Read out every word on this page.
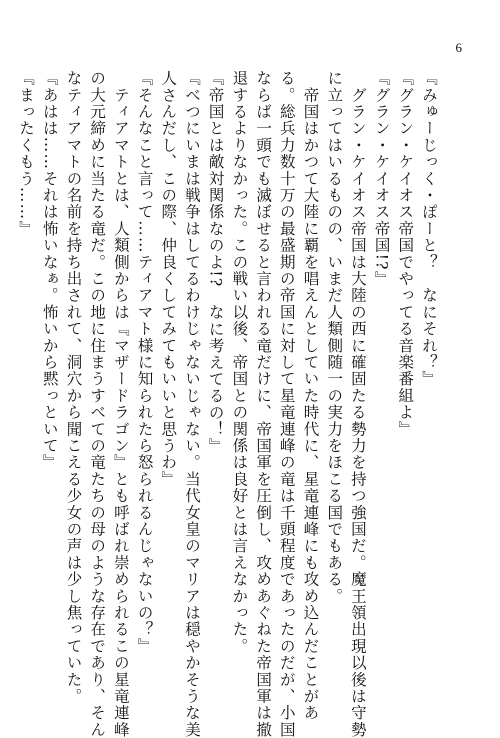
6
『みゅーじっく・ぽーと？　なにそれ？』
『グラン・ケイオス帝国でやってる音楽番組よ』
『グラン・ケイオス帝国!?』
　グラン・ケイオス帝国は大陸の西に確固たる勢力を持つ強国だ。魔王領出現以後は守勢
に立ってはいるものの、いまだ人類側随一の実力をほこる国でもある。
　帝国はかつて大陸に覇を唱えんとしていた時代に、星竜連峰にも攻め込んだことがあ
る。総兵力数十万の最盛期の帝国に対して星竜連峰の竜は千頭程度であったのだが、小国
ならば一頭でも滅ぼせると言われる竜だけに、帝国軍を圧倒し、攻めあぐねた帝国軍は撤
退するよりなかった。この戦い以後、帝国との関係は良好とは言えなかった。
『帝国とは敵対関係なのよ!?　なに考えてるの！』
『べつにいまは戦争はしてるわけじゃないじゃない。当代女皇のマリアは穏やかそうな美
人さんだし、この際、仲良くしてみてもいいと思うわ』
『そんなこと言って……ティアマト様に知られたら怒られるんじゃないの？』
　ティアマトとは、人類側からは『マザードラゴン』とも呼ばれ崇められるこの星竜連峰
の大元締めに当たる竜だ。この地に住まうすべての竜たちの母のような存在であり、そん
なティアマトの名前を持ち出されて、洞穴から聞こえる少女の声は少し焦っていた。
『あはは……それは怖いなぁ。怖いから黙っといて』
『まったくもう……』
